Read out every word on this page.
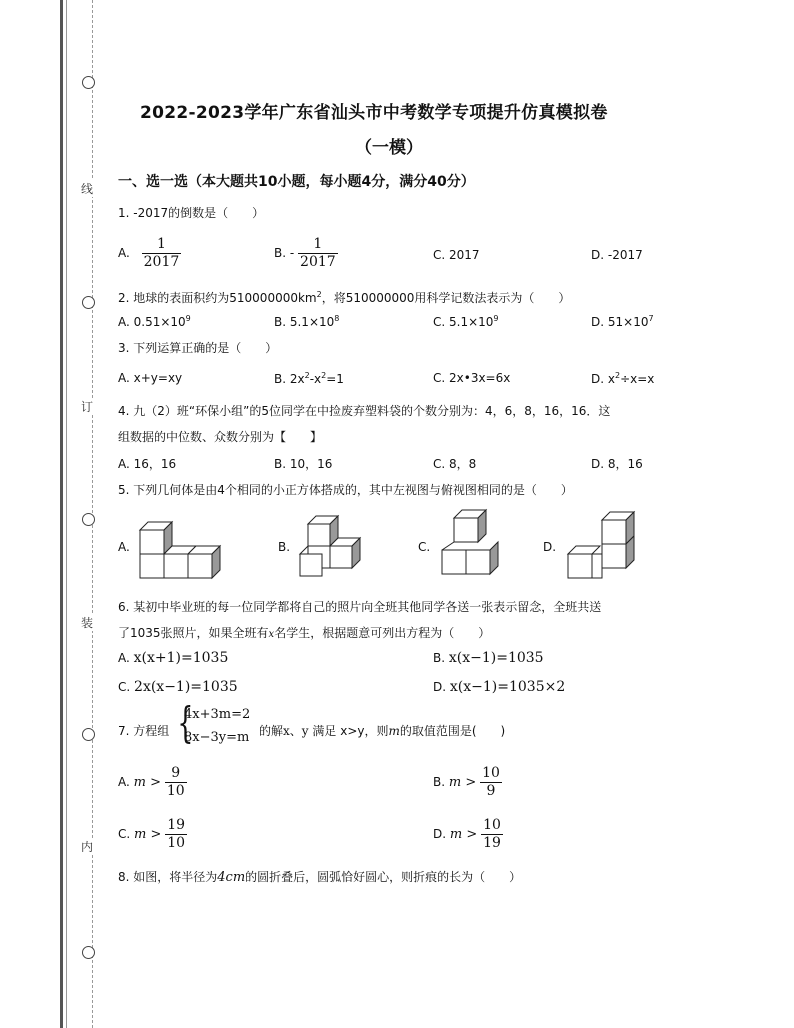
线
订
装
内
2022-2023学年广东省汕头市中考数学专项提升仿真模拟卷
（一模）
一、选一选（本大题共10小题，每小题4分，满分40分）
1. -2017的倒数是（　　）
A. $\frac{1}{2017}$	B. - $\frac{1}{2017}$	C. 2017	D. -2017
2. 地球的表面积约为$510000000km^2$，将510000000用科学记数法表示为（　　）
A. $0.51\times 10^9$	B. $5.1\times 10^8$	C. $5.1\times 10^9$	D. $51\times 10^7$
3. 下列运算正确的是（　　）
A. x+y=xy	B. $2x^2-x^2=1$	C. 2x•3x=6x	D. $x^2\div x=x$
4. 九（2）班“环保小组”的5位同学在中捡废弃塑料袋的个数分别为：4，6，8，16，16．这
组数据的中位数、众数分别为【　　】
A. 16，16	B. 10，16	C. 8，8	D. 8，16
5. 下列几何体是由4个相同的小正方体搭成的，其中左视图与俯视图相同的是（　　）
A.	B.	C.	D.
6. 某初中毕业班的每一位同学都将自己的照片向全班其他同学各送一张表示留念，全班共送
了1035张照片，如果全班有x名学生，根据题意可列出方程为（　　）
A. x(x+1)=1035	B. x(x−1)=1035
C. 2x(x−1)=1035	D. x(x−1)=1035×2
7. 方程组 {
4x+3m=2
8x−3y=m 的解x、y 满足 x>y，则m的取值范围是(　　)
A. $m > \frac{9}{10}$	B. $m > \frac{10}{9}$
C. $m > \frac{19}{10}$	D. $m > \frac{10}{19}$
8. 如图，将半径为4cm的圆折叠后，圆弧恰好圆心，则折痕的长为（　　）
